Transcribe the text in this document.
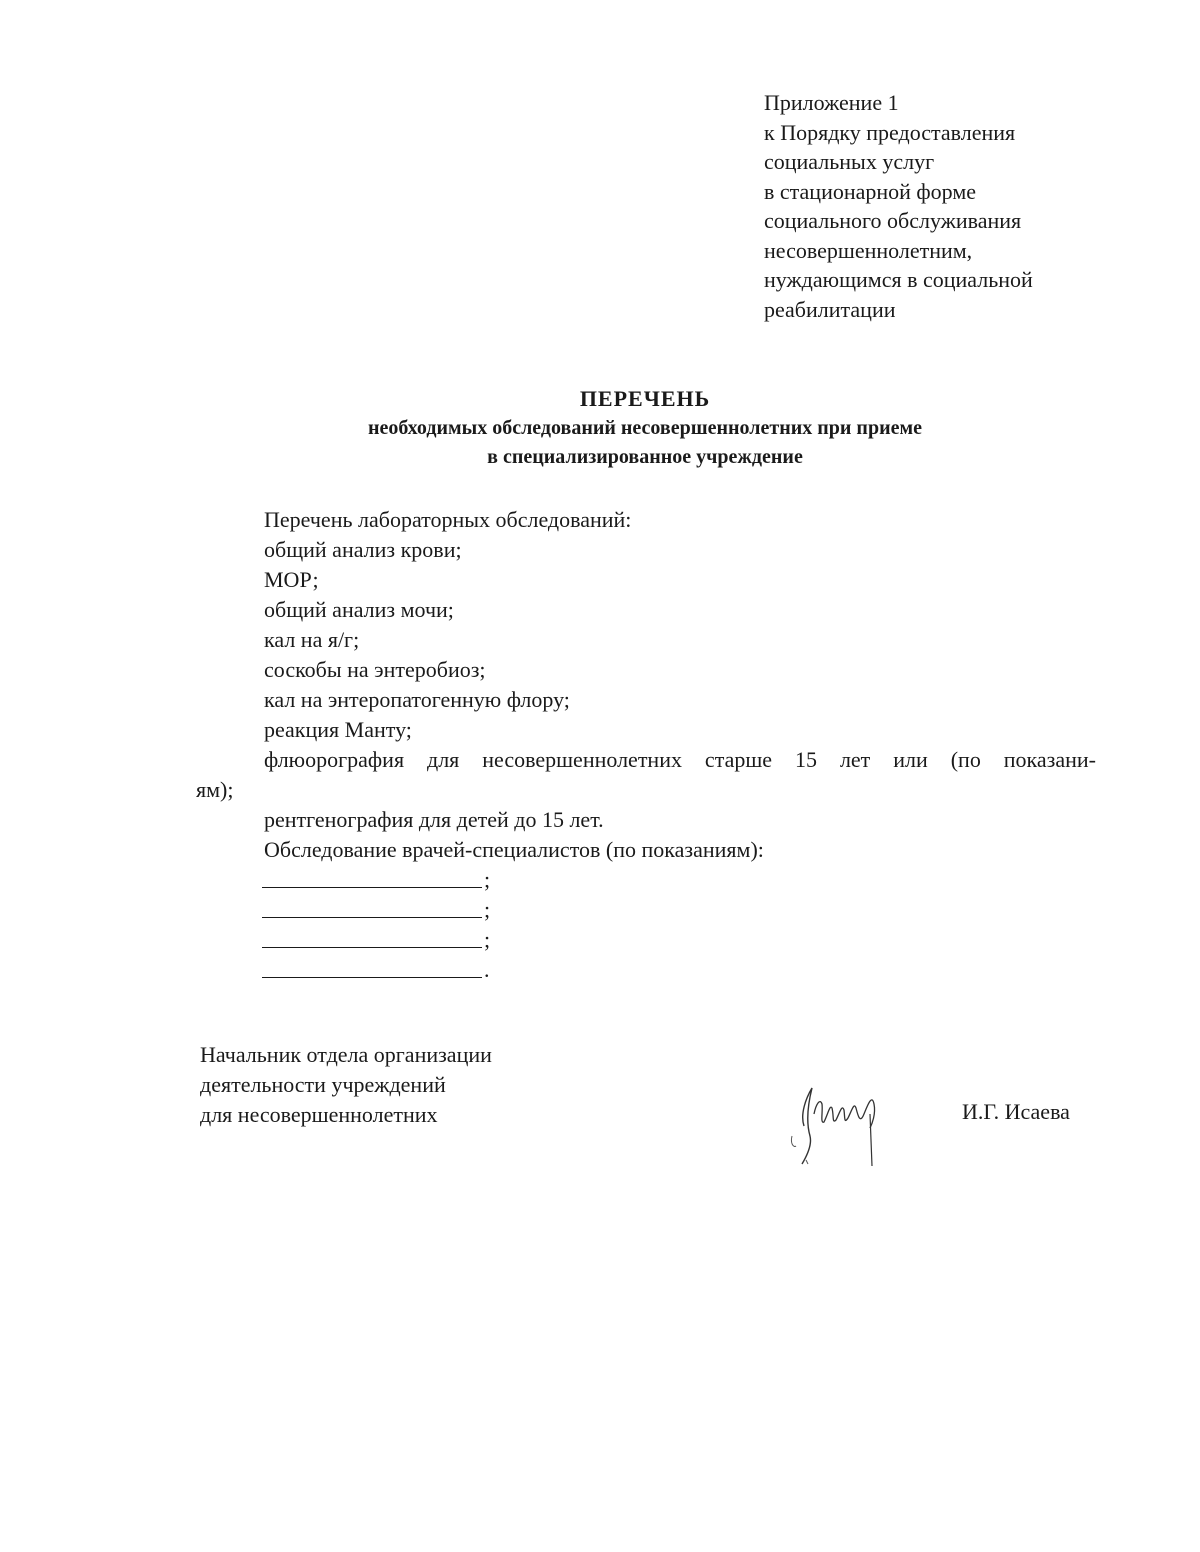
Приложение 1
к Порядку предоставления
социальных услуг
в стационарной форме
социального обслуживания
несовершеннолетним,
нуждающимся в социальной
реабилитации
ПЕРЕЧЕНЬ
необходимых обследований несовершеннолетних при приеме
в специализированное учреждение
Перечень лабораторных обследований:
общий анализ крови;
МОР;
общий анализ мочи;
кал на я/г;
соскобы на энтеробиоз;
кал на энтеропатогенную флору;
реакция Манту;
флюорография для несовершеннолетних старше 15 лет или (по показани-
ям);
рентгенография для детей до 15 лет.
Обследование врачей-специалистов (по показаниям):
;
;
;
.
Начальник отдела организации
деятельности учреждений
для несовершеннолетних	И.Г. Исаева
